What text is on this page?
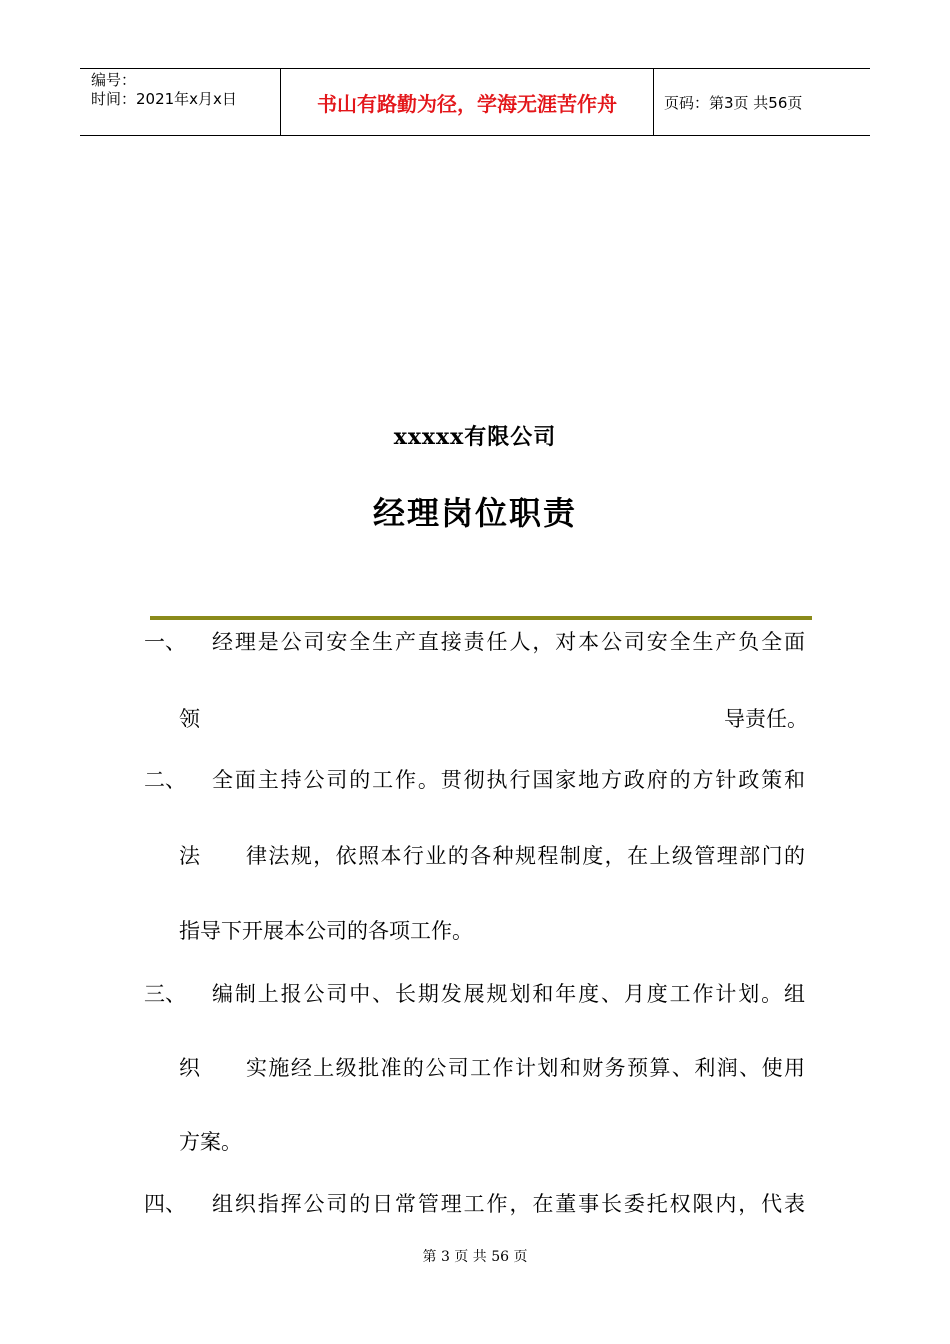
编号：
时间：2021年x月x日	书山有路勤为径，学海无涯苦作舟	页码：第3页 共56页
xxxxx有限公司
经理岗位职责
一、 经理是公司安全生产直接责任人，对本公司安全生产负全面
领	导责任。
二、 全面主持公司的工作。贯彻执行国家地方政府的方针政策和
法 律法规，依照本行业的各种规程制度，在上级管理部门的
指导下开展本公司的各项工作。
三、 编制上报公司中、长期发展规划和年度、月度工作计划。组
织 实施经上级批准的公司工作计划和财务预算、利润、使用
方案。
四、 组织指挥公司的日常管理工作，在董事长委托权限内，代表
第 3 页 共 56 页
